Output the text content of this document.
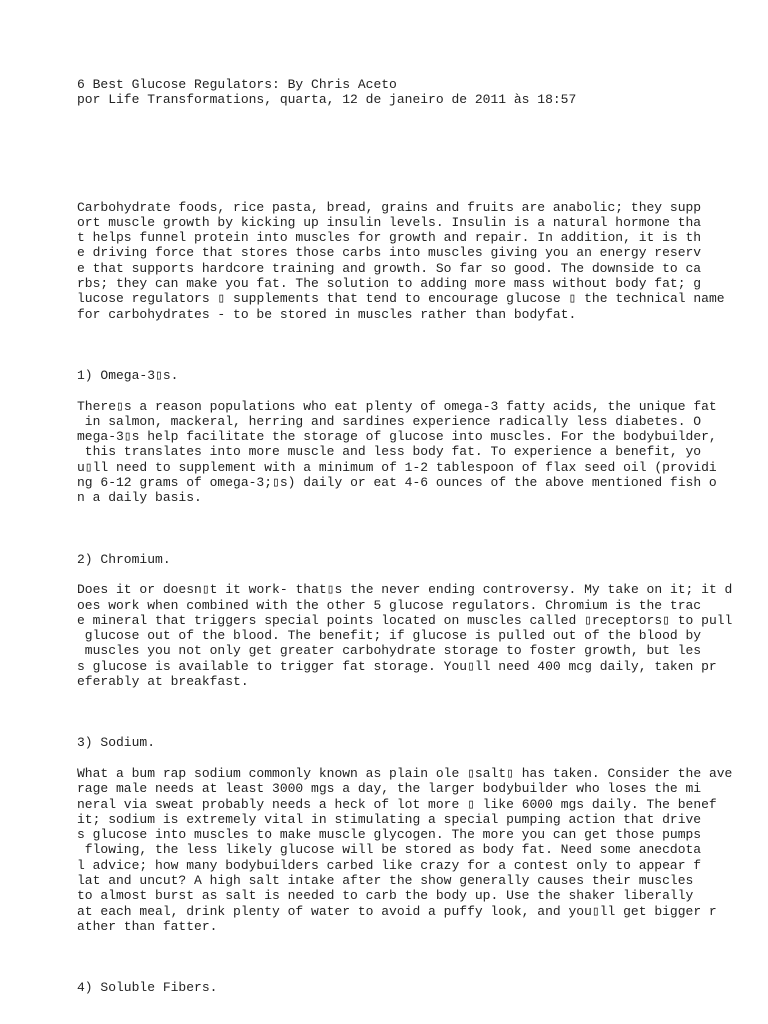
6 Best Glucose Regulators: By Chris Aceto
por Life Transformations, quarta, 12 de janeiro de 2011 às 18:57
Carbohydrate foods, rice pasta, bread, grains and fruits are anabolic; they supp
ort muscle growth by kicking up insulin levels. Insulin is a natural hormone tha
t helps funnel protein into muscles for growth and repair. In addition, it is th
e driving force that stores those carbs into muscles giving you an energy reserv
e that supports hardcore training and growth. So far so good. The downside to ca
rbs; they can make you fat. The solution to adding more mass without body fat; g
lucose regulators ▯ supplements that tend to encourage glucose ▯ the technical name
for carbohydrates - to be stored in muscles rather than bodyfat.
1) Omega-3▯s.
There▯s a reason populations who eat plenty of omega-3 fatty acids, the unique fat
in salmon, mackeral, herring and sardines experience radically less diabetes. O
mega-3▯s help facilitate the storage of glucose into muscles. For the bodybuilder,
this translates into more muscle and less body fat. To experience a benefit, yo
u▯ll need to supplement with a minimum of 1-2 tablespoon of flax seed oil (providi
ng 6-12 grams of omega-3;▯s) daily or eat 4-6 ounces of the above mentioned fish o
n a daily basis.
2) Chromium.
Does it or doesn▯t it work- that▯s the never ending controversy. My take on it; it d
oes work when combined with the other 5 glucose regulators. Chromium is the trac
e mineral that triggers special points located on muscles called ▯receptors▯ to pull
glucose out of the blood. The benefit; if glucose is pulled out of the blood by
muscles you not only get greater carbohydrate storage to foster growth, but les
s glucose is available to trigger fat storage. You▯ll need 400 mcg daily, taken pr
eferably at breakfast.
3) Sodium.
What a bum rap sodium commonly known as plain ole ▯salt▯ has taken. Consider the ave
rage male needs at least 3000 mgs a day, the larger bodybuilder who loses the mi
neral via sweat probably needs a heck of lot more ▯ like 6000 mgs daily. The benef
it; sodium is extremely vital in stimulating a special pumping action that drive
s glucose into muscles to make muscle glycogen. The more you can get those pumps
flowing, the less likely glucose will be stored as body fat. Need some anecdota
l advice; how many bodybuilders carbed like crazy for a contest only to appear f
lat and uncut? A high salt intake after the show generally causes their muscles
to almost burst as salt is needed to carb the body up. Use the shaker liberally
at each meal, drink plenty of water to avoid a puffy look, and you▯ll get bigger r
ather than fatter.
4) Soluble Fibers.
